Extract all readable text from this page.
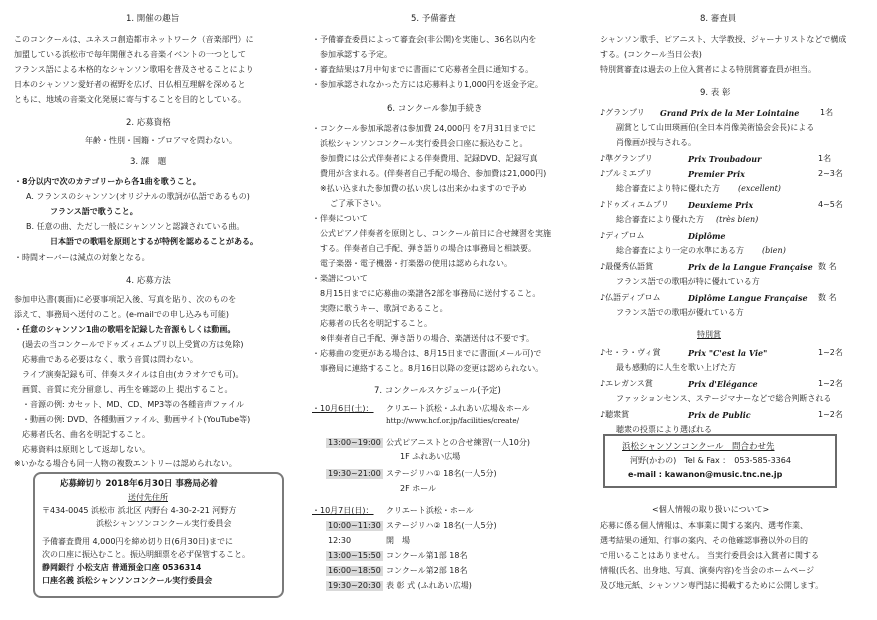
1. 開催の趣旨
このコンクールは、ユネスコ創造都市ネットワーク（音楽部門）に
加盟している浜松市で毎年開催される音楽イベントの一つとして
フランス語による本格的なシャンソン歌唱を普及させることにより
日本のシャンソン愛好者の裾野を広げ、日仏相互理解を深めると
ともに、地域の音楽文化発展に寄与することを目的としている。
2. 応募資格
年齢・性別・国籍・プロアマを問わない。
3. 課　題
・8分以内で次のカテゴリーから各1曲を歌うこと。
A. フランスのシャンソン(オリジナルの歌詞が仏語であるもの)
フランス語で歌うこと。
B. 任意の曲、ただし一般にシャンソンと認識されている曲。
日本語での歌唱を原則とするが特例を認めることがある。
・時間オーバーは減点の対象となる。
4. 応募方法
参加申込書(裏面)に必要事項記入後、写真を貼り、次のものを
添えて、事務局へ送付のこと。(e-mailでの申し込みも可能)
・任意のシャンソン1曲の歌唱を記録した音源もしくは動画。
(過去の当コンクールでドゥズィエムプリ以上受賞の方は免除)
応募曲である必要はなく、歌う音質は問わない。
ライブ演奏記録も可、伴奏スタイルは自由(カラオケでも可)。
画質、音質に充分留意し、再生を確認の上 提出すること。
・音源の例: カセット、MD、CD、MP3等の各種音声ファイル
・動画の例: DVD、各種動画ファイル、動画サイト(YouTube等)
応募者氏名、曲名を明記すること。
応募資料は原則として返却しない。
※いかなる場合も同一人物の複数エントリーは認められない。
応募締切り 2018年6月30日 事務局必着
送付先住所
〒434-0045 浜松市 浜北区 内野台 4-30-2-21 河野方
浜松シャンソンコンクール実行委員会
予備審査費用 4,000円を締め切り日(6月30日)までに
次の口座に振込むこと。振込明細票を必ず保管すること。
静岡銀行 小松支店 普通預金口座 0536314
口座名義 浜松シャンソンコンクール実行委員会
5. 予備審査
・予備審査委員によって審査会(非公開)を実施し、36名以内を
参加承認する予定。
・審査結果は7月中旬までに書面にて応募者全員に通知する。
・参加承認されなかった方には応募料より1,000円を返金予定。
6. コンクール参加手続き
・コンクール参加承認者は参加費 24,000円 を7月31日までに
浜松シャンソンコンクール実行委員会口座に振込むこと。
参加費には公式伴奏者による伴奏費用、記録DVD、記録写真
費用が含まれる。(伴奏者自己手配の場合、参加費は21,000円)
※払い込まれた参加費の払い戻しは出来かねますので予め
ご了承下さい。
・伴奏について
公式ピアノ伴奏者を原則とし、コンクール前日に合せ練習を実施
する。伴奏者自己手配、弾き語りの場合は事務局と相談要。
電子楽器・電子機器・打楽器の使用は認められない。
・楽譜について
8月15日までに応募曲の楽譜各2部を事務局に送付すること。
実際に歌うキー、歌詞であること。
応募者の氏名を明記すること。
※伴奏者自己手配、弾き語りの場合、楽譜送付は不要です。
・応募曲の変更がある場合は、8月15日までに書面(メール可)で
事務局に連絡すること。8月16日以降の変更は認められない。
7. コンクールスケジュール(予定)
・10月6日(土)： クリエート浜松・ふれあい広場＆ホール
http://www.hcf.or.jp/facilities/create/
13:00~19:00 公式ピアニストとの合せ練習(一人10分)
1F ふれあい広場
19:30~21:00 ステージリハ① 18名(一人5分)
2F ホール
・10月7日(日)： クリエート浜松・ホール
10:00~11:30 ステージリハ② 18名(一人5分)
12:30	開　場
13:00~15:50 コンクール第1部 18名
16:00~18:50 コンクール第2部 18名
19:30~20:30 表 彰 式 (ふれあい広場)
8. 審査員
シャンソン歌手、ピアニスト、大学教授、ジャーナリストなどで構成
する。(コンクール当日公表)
特別賞審査は過去の上位入賞者による特別賞審査員が担当。
9. 表 彰
♪グランプリ Grand Prix de la Mer Lointaine	1名
副賞として山田瑛画伯(全日本肖像美術協会会長)による
肖像画が授与される。
♪準グランプリ	Prix Troubadour	1名
♪プルミエプリ	Premier Prix	2~3名
総合審査により特に優れた方 (excellent)
♪ドゥズィエムプリ Deuxieme Prix	4~5名
総合審査により優れた方 (très bien)
♪ディプロム	Diplôme
総合審査により一定の水準にある方 (bien)
♪最優秀仏語賞	Prix de la Langue Française 数 名
フランス語での歌唱が特に優れている方
♪仏語ディプロム	Diplôme Langue Française 数 名
フランス語での歌唱が優れている方
特別賞
♪セ・ラ・ヴィ賞	Prix "C'est la Vie"	1~2名
最も感動的に人生を歌い上げた方
♪エレガンス賞	Prix d'Elégance	1~2名
ファッションセンス、ステージマナーなどで総合判断される
♪聴衆賞	Prix de Public	1~2名
聴衆の投票により選ばれる
浜松シャンソンコンクール　問合わせ先
河野(かわの)　Tel & Fax ：　053-585-3364
e-mail : kawanon@music.tnc.ne.jp
<個人情報の取り扱いについて>
応募に係る個人情報は、本事業に関する案内、選考作業、
選考結果の通知、行事の案内、その他確認事務以外の目的
で用いることはありません。 当実行委員会は入賞者に関する
情報(氏名、出身地、写真、演奏内容)を当会のホームページ
及び地元紙、シャンソン専門誌に掲載するために公開します。
